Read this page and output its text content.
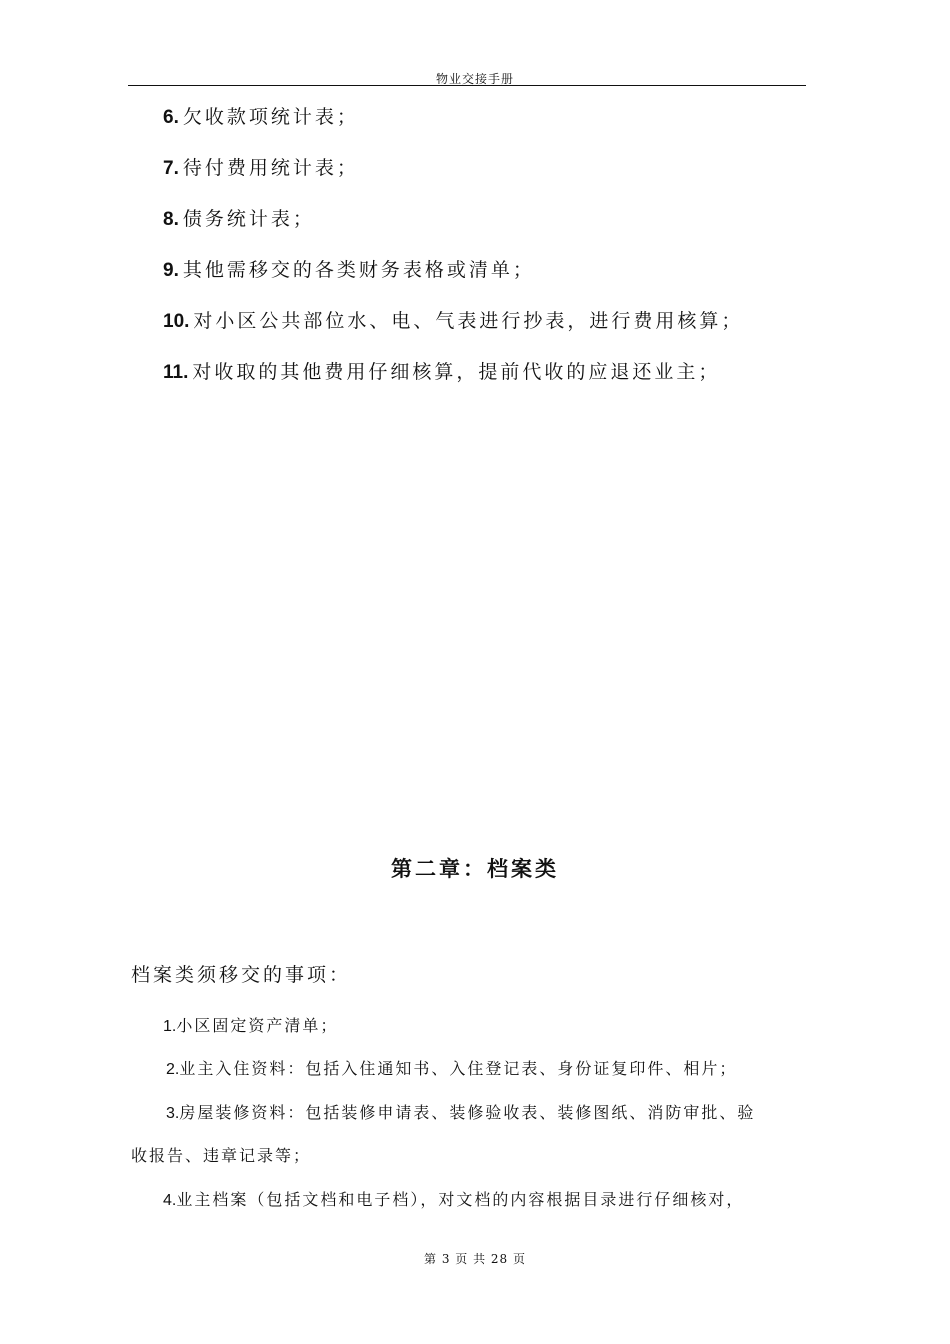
物业交接手册
6. 欠收款项统计表；
7. 待付费用统计表；
8. 债务统计表；
9. 其他需移交的各类财务表格或清单；
10. 对小区公共部位水、电、气表进行抄表，进行费用核算；
11. 对收取的其他费用仔细核算，提前代收的应退还业主；
第二章：档案类
档案类须移交的事项：
1.小区固定资产清单；
2.业主入住资料：包括入住通知书、入住登记表、身份证复印件、相片；
3.房屋装修资料：包括装修申请表、装修验收表、装修图纸、消防审批、验
收报告、违章记录等；
4.业主档案（包括文档和电子档），对文档的内容根据目录进行仔细核对，
第 3 页 共 28 页
